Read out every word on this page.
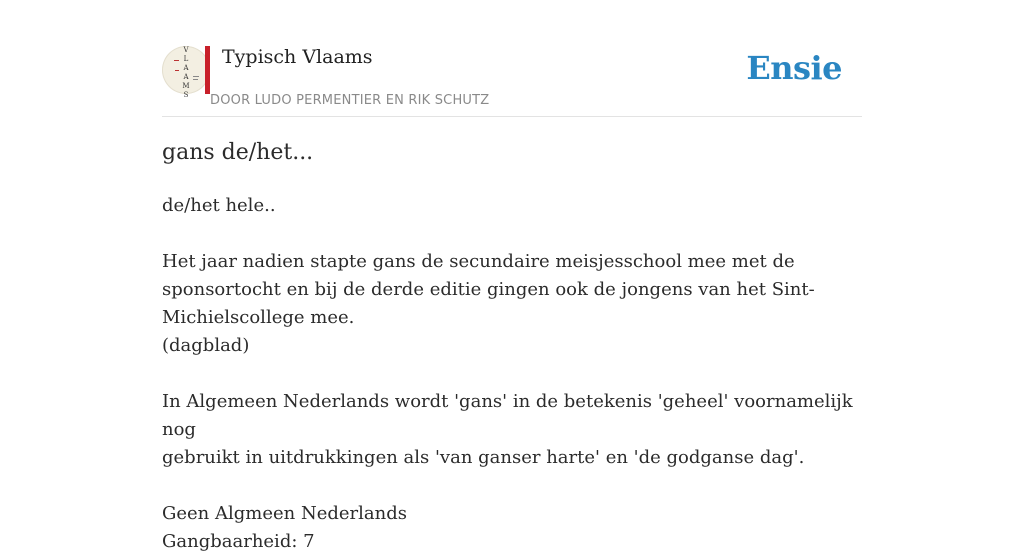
V
L
A
A
M
S
Typisch Vlaams
DOOR LUDO PERMENTIER EN RIK SCHUTZ
Ensie
gans de/het...

de/het hele..

Het jaar nadien stapte gans de secundaire meisjesschool mee met de

sponsortocht en bij de derde editie gingen ook de jongens van het Sint-

Michielscollege mee.

(dagblad)

In Algemeen Nederlands wordt 'gans' in de betekenis 'geheel' voornamelijk nog

gebruikt in uitdrukkingen als 'van ganser harte' en 'de godganse dag'.

Geen Algmeen Nederlands

Gangbaarheid: 7
